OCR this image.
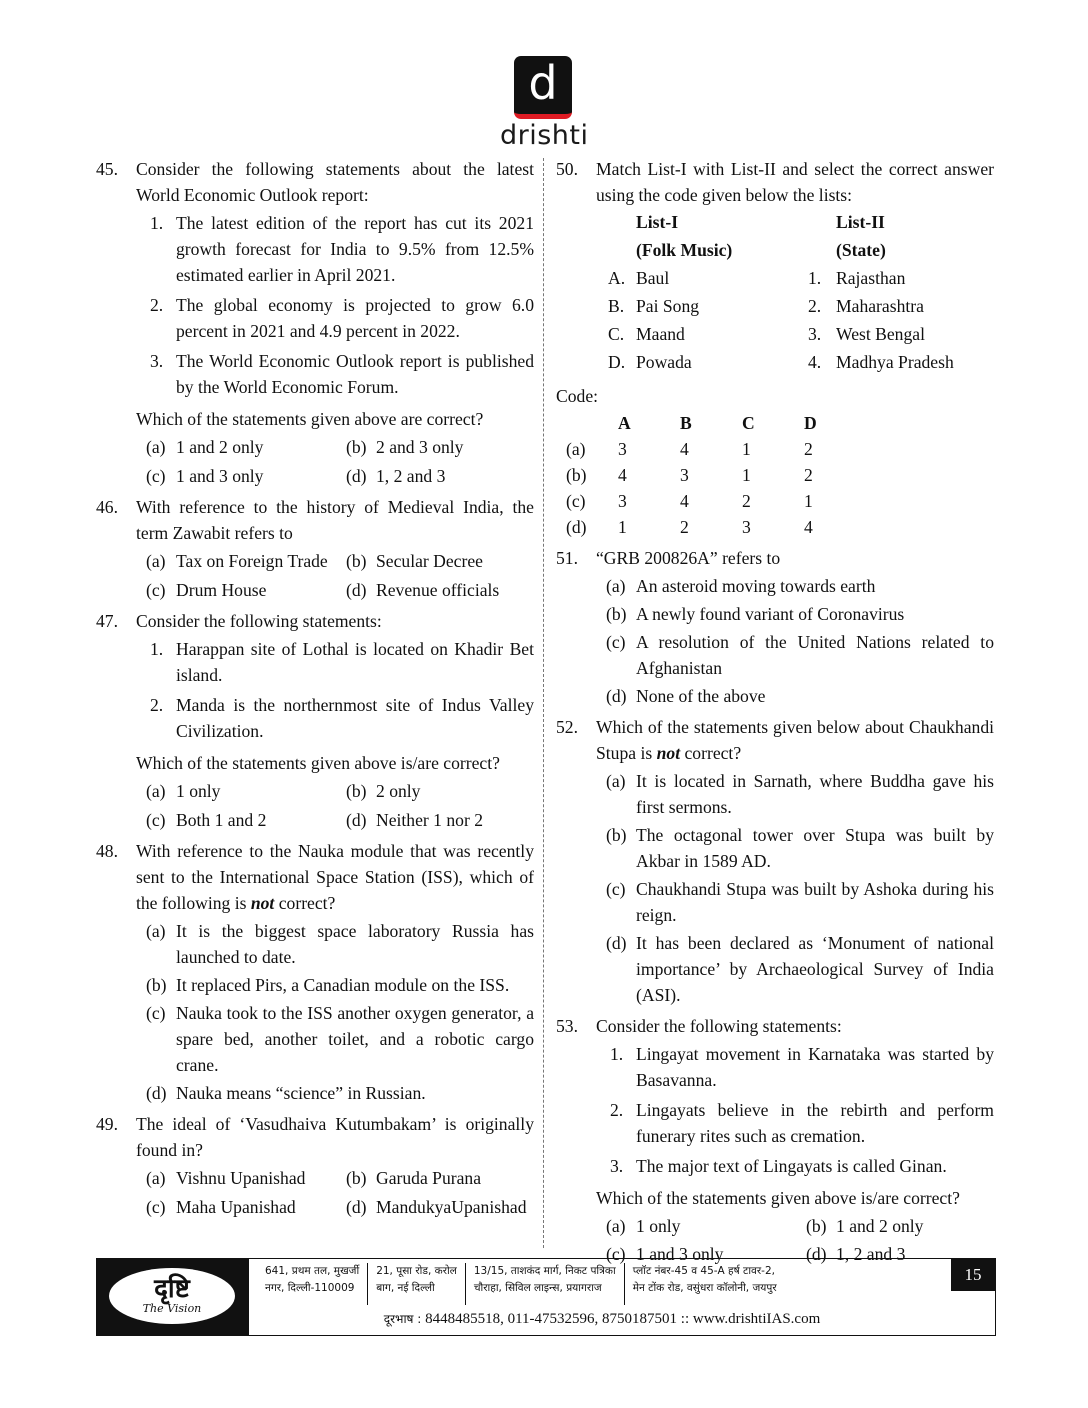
d
drishti
45. Consider the following statements about the latest World Economic Outlook report:
1. The latest edition of the report has cut its 2021 growth forecast for India to 9.5% from 12.5% estimated earlier in April 2021.
2. The global economy is projected to grow 6.0 percent in 2021 and 4.9 percent in 2022.
3. The World Economic Outlook report is published by the World Economic Forum.
Which of the statements given above are correct?
(a) 1 and 2 only	(b) 2 and 3 only
(c) 1 and 3 only	(d) 1, 2 and 3
46. With reference to the history of Medieval India, the term Zawabit refers to
(a) Tax on Foreign Trade	(b) Secular Decree
(c) Drum House	(d) Revenue officials
47. Consider the following statements:
1. Harappan site of Lothal is located on Khadir Bet island.
2. Manda is the northernmost site of Indus Valley Civilization.
Which of the statements given above is/are correct?
(a) 1 only	(b) 2 only
(c) Both 1 and 2	(d) Neither 1 nor 2
48. With reference to the Nauka module that was recently sent to the International Space Station (ISS), which of the following is not correct?
(a) It is the biggest space laboratory Russia has launched to date.
(b) It replaced Pirs, a Canadian module on the ISS.
(c) Nauka took to the ISS another oxygen generator, a spare bed, another toilet, and a robotic cargo crane.
(d) Nauka means “science” in Russian.
49. The ideal of ‘Vasudhaiva Kutumbakam’ is originally found in?
(a) Vishnu Upanishad	(b) Garuda Purana
(c) Maha Upanishad	(d) MandukyaUpanishad
50. Match List-I with List-II and select the correct answer using the code given below the lists:
List-I	List-II
(Folk Music)	(State)
A. Baul	1. Rajasthan
B. Pai Song	2. Maharashtra
C. Maand	3. West Bengal
D. Powada	4. Madhya Pradesh
Code:
	A	B	C	D
(a)	3	4	1	2
(b)	4	3	1	2
(c)	3	4	2	1
(d)	1	2	3	4
51. “GRB 200826A” refers to
(a) An asteroid moving towards earth
(b) A newly found variant of Coronavirus
(c) A resolution of the United Nations related to Afghanistan
(d) None of the above
52. Which of the statements given below about Chaukhandi Stupa is not correct?
(a) It is located in Sarnath, where Buddha gave his first sermons.
(b) The octagonal tower over Stupa was built by Akbar in 1589 AD.
(c) Chaukhandi Stupa was built by Ashoka during his reign.
(d) It has been declared as ‘Monument of national importance’ by Archaeological Survey of India (ASI).
53. Consider the following statements:
1. Lingayat movement in Karnataka was started by Basavanna.
2. Lingayats believe in the rebirth and perform funerary rites such as cremation.
3. The major text of Lingayats is called Ginan.
Which of the statements given above is/are correct?
(a) 1 only	(b) 1 and 2 only
(c) 1 and 3 only	(d) 1, 2 and 3
दृष्टि
The Vision
641, प्रथम तल, मुखर्जी
नगर, दिल्ली-110009
21, पूसा रोड, करोल
बाग, नई दिल्ली
13/15, ताशकंद मार्ग, निकट पत्रिका
चौराहा, सिविल लाइन्स, प्रयागराज
प्लॉट नंबर-45 व 45-A हर्ष टावर-2,
मेन टोंक रोड, वसुंधरा कॉलोनी, जयपुर
दूरभाष : 8448485518, 011-47532596, 8750187501 :: www.drishtiIAS.com
15
